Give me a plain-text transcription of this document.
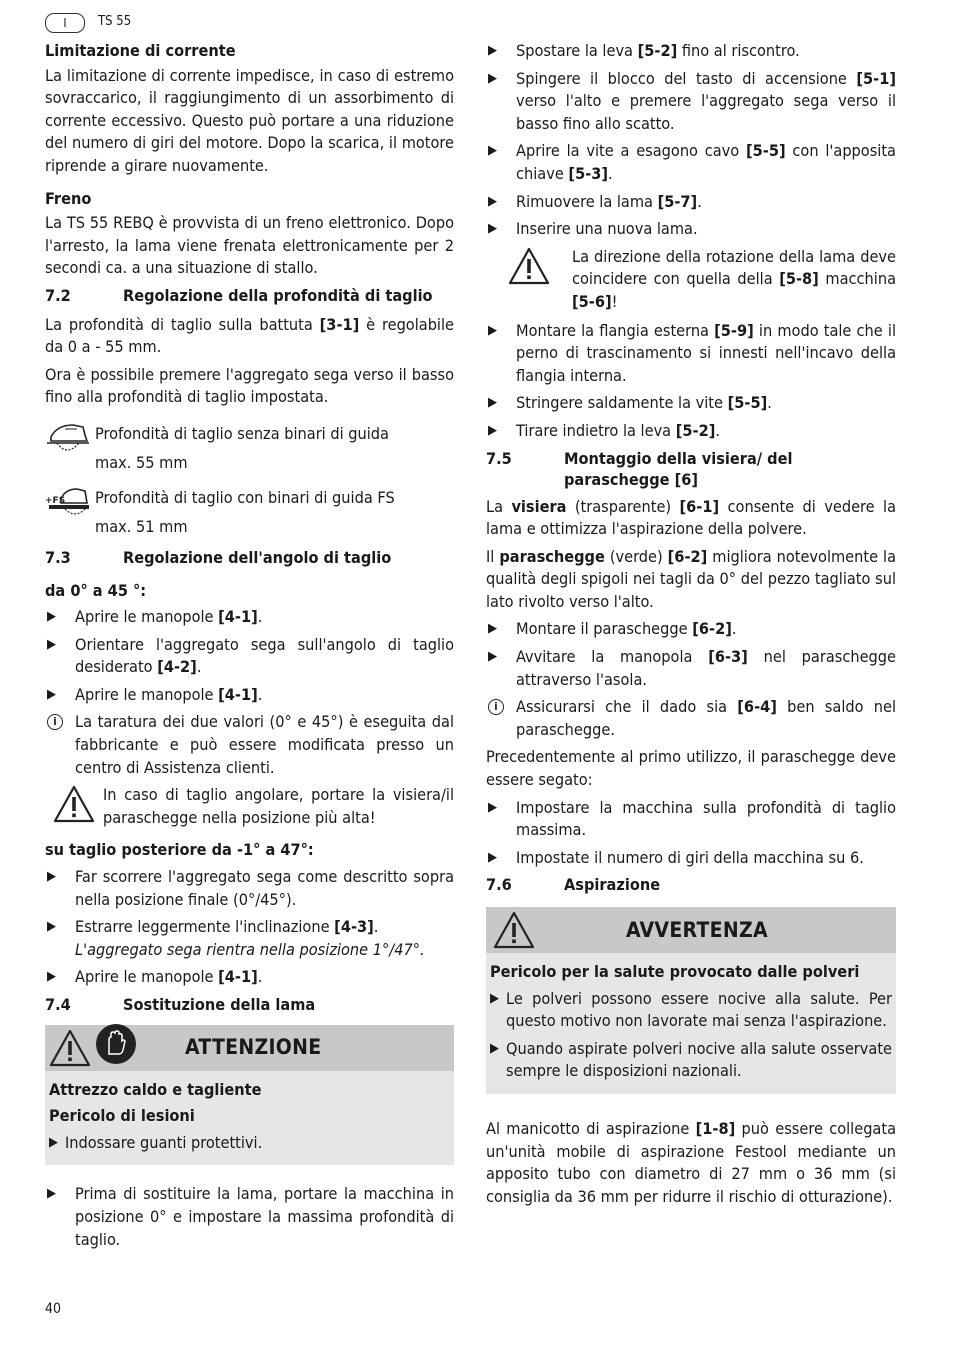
I	TS 55
Limitazione di corrente

La limitazione di corrente impedisce, in caso di estremo sovraccarico, il raggiungimento di un assorbimento di corrente eccessivo. Questo può portare a una riduzione del numero di giri del motore. Dopo la scarica, il motore riprende a girare nuovamente.

Freno

La TS 55 REBQ è provvista di un freno elettronico. Dopo l'arresto, la lama viene frenata elettronicamente per 2 secondi ca. a una situazione di stallo.

7.2	Regolazione della profondità di taglio

La profondità di taglio sulla battuta [3-1] è regolabile da 0 a - 55 mm.

Ora è possibile premere l'aggregato sega verso il basso fino alla profondità di taglio impostata.

Profondità di taglio senza binari di guida
max. 55 mm
+FS Profondità di taglio con binari di guida FS
max. 51 mm
7.3	Regolazione dell'angolo di taglio
da 0° a 45 °:
▶	Aprire le manopole [4-1].
▶	Orientare l'aggregato sega sull'angolo di taglio desiderato [4-2].
▶	Aprire le manopole [4-1].
i	La taratura dei due valori (0° e 45°) è eseguita dal fabbricante e può essere modificata presso un centro di Assistenza clienti.
In caso di taglio angolare, portare la visiera/il paraschegge nella posizione più alta!
su taglio posteriore da -1° a 47°:
▶	Far scorrere l'aggregato sega come descritto sopra nella posizione finale (0°/45°).
▶	Estrarre leggermente l'inclinazione [4-3].
L'aggregato sega rientra nella posizione 1°/47°.
▶	Aprire le manopole [4-1].
7.4	Sostituzione della lama
ATTENZIONE
Attrezzo caldo e tagliente
Pericolo di lesioni
▶ Indossare guanti protettivi.
▶	Prima di sostituire la lama, portare la macchina in posizione 0° e impostare la massima profondità di taglio.
▶	Spostare la leva [5-2] fino al riscontro.
▶	Spingere il blocco del tasto di accensione [5-1] verso l'alto e premere l'aggregato sega verso il basso fino allo scatto.
▶	Aprire la vite a esagono cavo [5-5] con l'apposita chiave [5-3].
▶	Rimuovere la lama [5-7].
▶	Inserire una nuova lama.
La direzione della rotazione della lama deve coincidere con quella della [5-8] macchina [5-6]!
▶	Montare la flangia esterna [5-9] in modo tale che il perno di trascinamento si innesti nell'incavo della flangia interna.
▶	Stringere saldamente la vite [5-5].
▶	Tirare indietro la leva [5-2].
7.5	Montaggio della visiera/ del paraschegge [6]

La visiera (trasparente) [6-1] consente di vedere la lama e ottimizza l'aspirazione della polvere.

Il paraschegge (verde) [6-2] migliora notevolmente la qualità degli spigoli nei tagli da 0° del pezzo tagliato sul lato rivolto verso l'alto.

▶	Montare il paraschegge [6-2].
▶	Avvitare la manopola [6-3] nel paraschegge attraverso l'asola.
i	Assicurarsi che il dado sia [6-4] ben saldo nel paraschegge.

Precedentemente al primo utilizzo, il paraschegge deve essere segato:

▶	Impostare la macchina sulla profondità di taglio massima.
▶	Impostate il numero di giri della macchina su 6.
7.6	Aspirazione
AVVERTENZA
Pericolo per la salute provocato dalle polveri
▶ Le polveri possono essere nocive alla salute. Per questo motivo non lavorate mai senza l'aspirazione.
▶ Quando aspirate polveri nocive alla salute osservate sempre le disposizioni nazionali.

Al manicotto di aspirazione [1-8] può essere collegata un'unità mobile di aspirazione Festool mediante un apposito tubo con diametro di 27 mm o 36 mm (si consiglia da 36 mm per ridurre il rischio di otturazione).

40
